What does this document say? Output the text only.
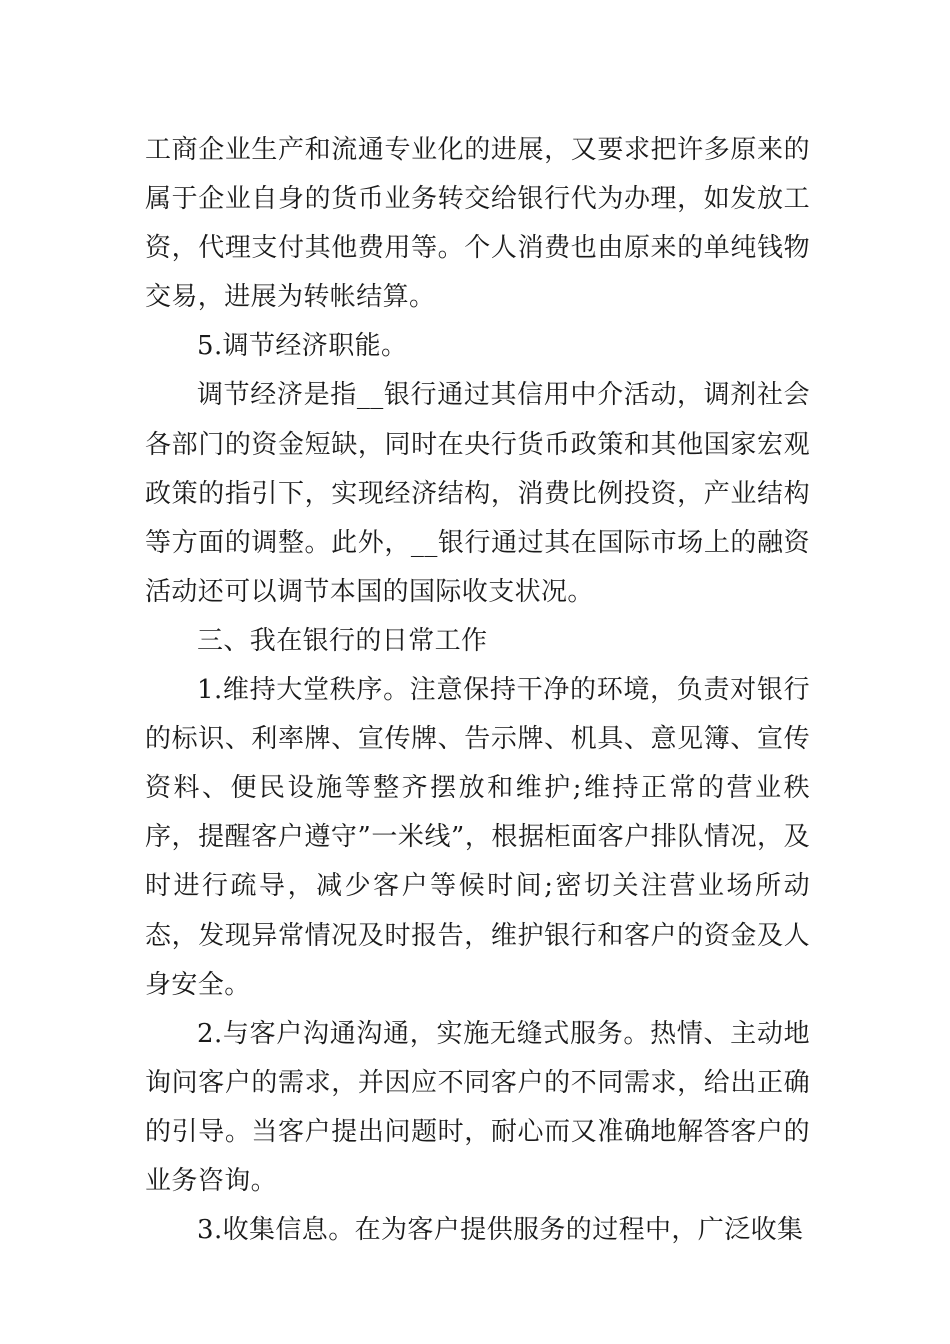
工商企业生产和流通专业化的进展，又要求把许多原来的属于企业自身的货币业务转交给银行代为办理，如发放工资，代理支付其他费用等。个人消费也由原来的单纯钱物交易，进展为转帐结算。

5.调节经济职能。

调节经济是指__银行通过其信用中介活动，调剂社会各部门的资金短缺，同时在央行货币政策和其他国家宏观政策的指引下，实现经济结构，消费比例投资，产业结构等方面的调整。此外，__银行通过其在国际市场上的融资活动还可以调节本国的国际收支状况。

三、我在银行的日常工作

1.维持大堂秩序。注意保持干净的环境，负责对银行的标识、利率牌、宣传牌、告示牌、机具、意见簿、宣传资料、便民设施等整齐摆放和维护;维持正常的营业秩序，提醒客户遵守”一米线”，根据柜面客户排队情况，及时进行疏导，减少客户等候时间;密切关注营业场所动态，发现异常情况及时报告，维护银行和客户的资金及人身安全。

2.与客户沟通沟通，实施无缝式服务。热情、主动地询问客户的需求，并因应不同客户的不同需求，给出正确的引导。当客户提出问题时，耐心而又准确地解答客户的业务咨询。

3.收集信息。在为客户提供服务的过程中，广泛收集
